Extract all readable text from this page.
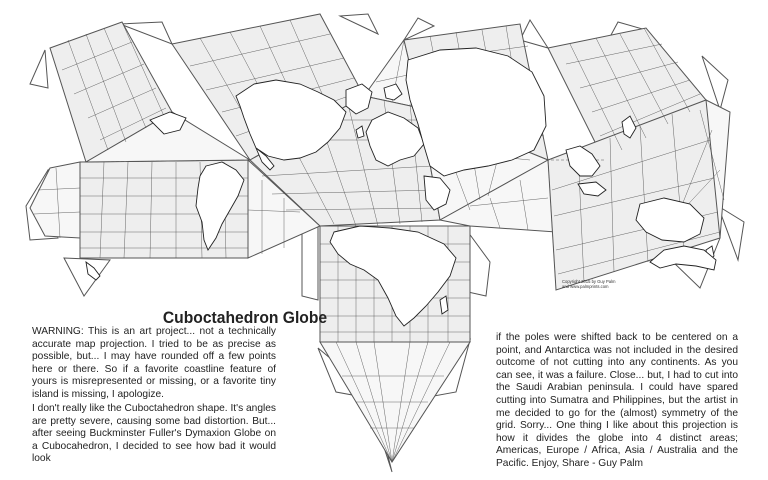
Cuboctahedron Globe
Copyright 2015 by Guy Palm
and www.palmprints.com
WARNING: This is an art project... not a technically accurate map projection. I tried to be as precise as possible, but... I may have rounded off a few points here or there. So if a favorite coastline feature of yours is misrepresented or missing, or a favorite tiny island is missing, I apologize.
I don't really like the Cuboctahedron shape. It's angles are pretty severe, causing some bad distortion. But... after seeing Buckminster Fuller's Dymaxion Globe on a Cubocahedron, I decided to see how bad it would look
if the poles were shifted back to be centered on a point, and Antarctica was not included in the desired outcome of not cutting into any continents. As you can see, it was a failure. Close... but, I had to cut into the Saudi Arabian peninsula. I could have spared cutting into Sumatra and Philippines, but the artist in me decided to go for the (almost) symmetry of the grid. Sorry... One thing I like about this projection is how it divides the globe into 4 distinct areas; Americas, Europe / Africa, Asia / Australia and the Pacific. Enjoy, Share - Guy Palm
